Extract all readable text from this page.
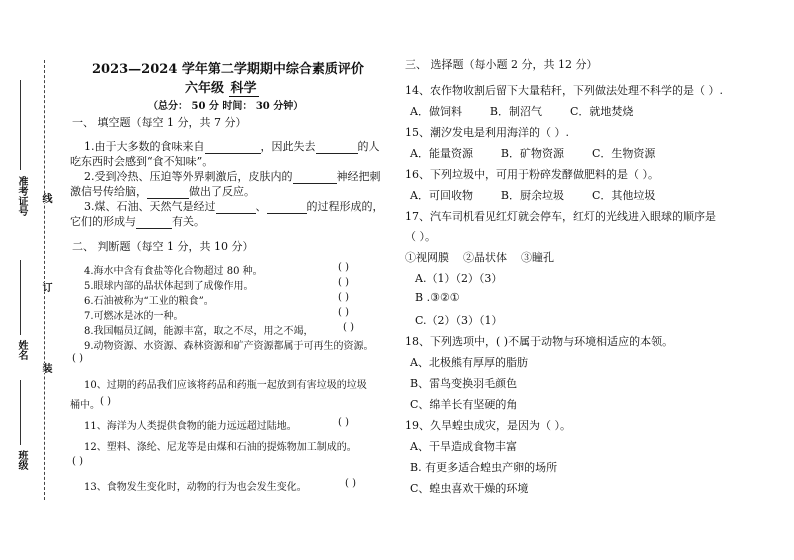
准考证号 线
订
姓名
装
班级
2023—2024 学年第二学期期中综合素质评价
六年级 科学
（总分： 50 分 时间： 30 分钟）
一、 填空题（每空 1 分，共 7 分）
1.由于大多数的食味来自	，因此失去	的人
吃东西时会感到“食不知味”。
2.受到冷热、压迫等外界刺激后，皮肤内的	神经把刺
激信号传给脑，	做出了反应。
3.煤、石油、天然气是经过	、	的过程形成的，
它们的形成与	有关。
二、 判断题（每空 1 分，共 10 分）
4.海水中含有食盐等化合物超过 80 种。	( )
5.眼球内部的晶状体起到了成像作用。	( )
6.石油被称为“工业的粮食”。	( )
7.可燃冰是冰的一种。	( )
8.我国幅员辽阔，能源丰富，取之不尽，用之不竭，	( )
9.动物资源、水资源、森林资源和矿产资源都属于可再生的资源。
( )
10、过期的药品我们应该将药品和药瓶一起放到有害垃圾的垃圾
桶中。 ( )
11、海洋为人类提供食物的能力远远超过陆地。	( )
12、塑料、涤纶、尼龙等是由煤和石油的提炼物加工制成的。
( )
13、食物发生变化时，动物的行为也会发生变化。	( )
三、 选择题（每小题 2 分，共 12 分）
14、农作物收割后留下大量秸秆，下列做法处理不科学的是（ ）.
A．做饲料        B．制沼气        C．就地焚烧
15、潮汐发电是利用海洋的（ ）.
A．能量资源        B．矿物资源        C．生物资源
16、下列垃圾中，可用于粉碎发酵做肥料的是（ ）。
A．可回收物        B．厨余垃圾        C．其他垃圾
17、汽车司机看见红灯就会停车，红灯的光线进入眼球的顺序是
（ ）。
①视网膜    ②晶状体    ③瞳孔
A.（1）（2）（3）
B .③②①
C.（2）（3）（1）
18、下列选项中，( )不属于动物与环境相适应的本领。
A、北极熊有厚厚的脂肪
B、雷鸟变换羽毛颜色
C、绵羊长有坚硬的角
19、久旱蝗虫成灾，是因为（ ）。
A、干旱造成食物丰富
B. 有更多适合蝗虫产卵的场所
C、蝗虫喜欢干燥的环境
